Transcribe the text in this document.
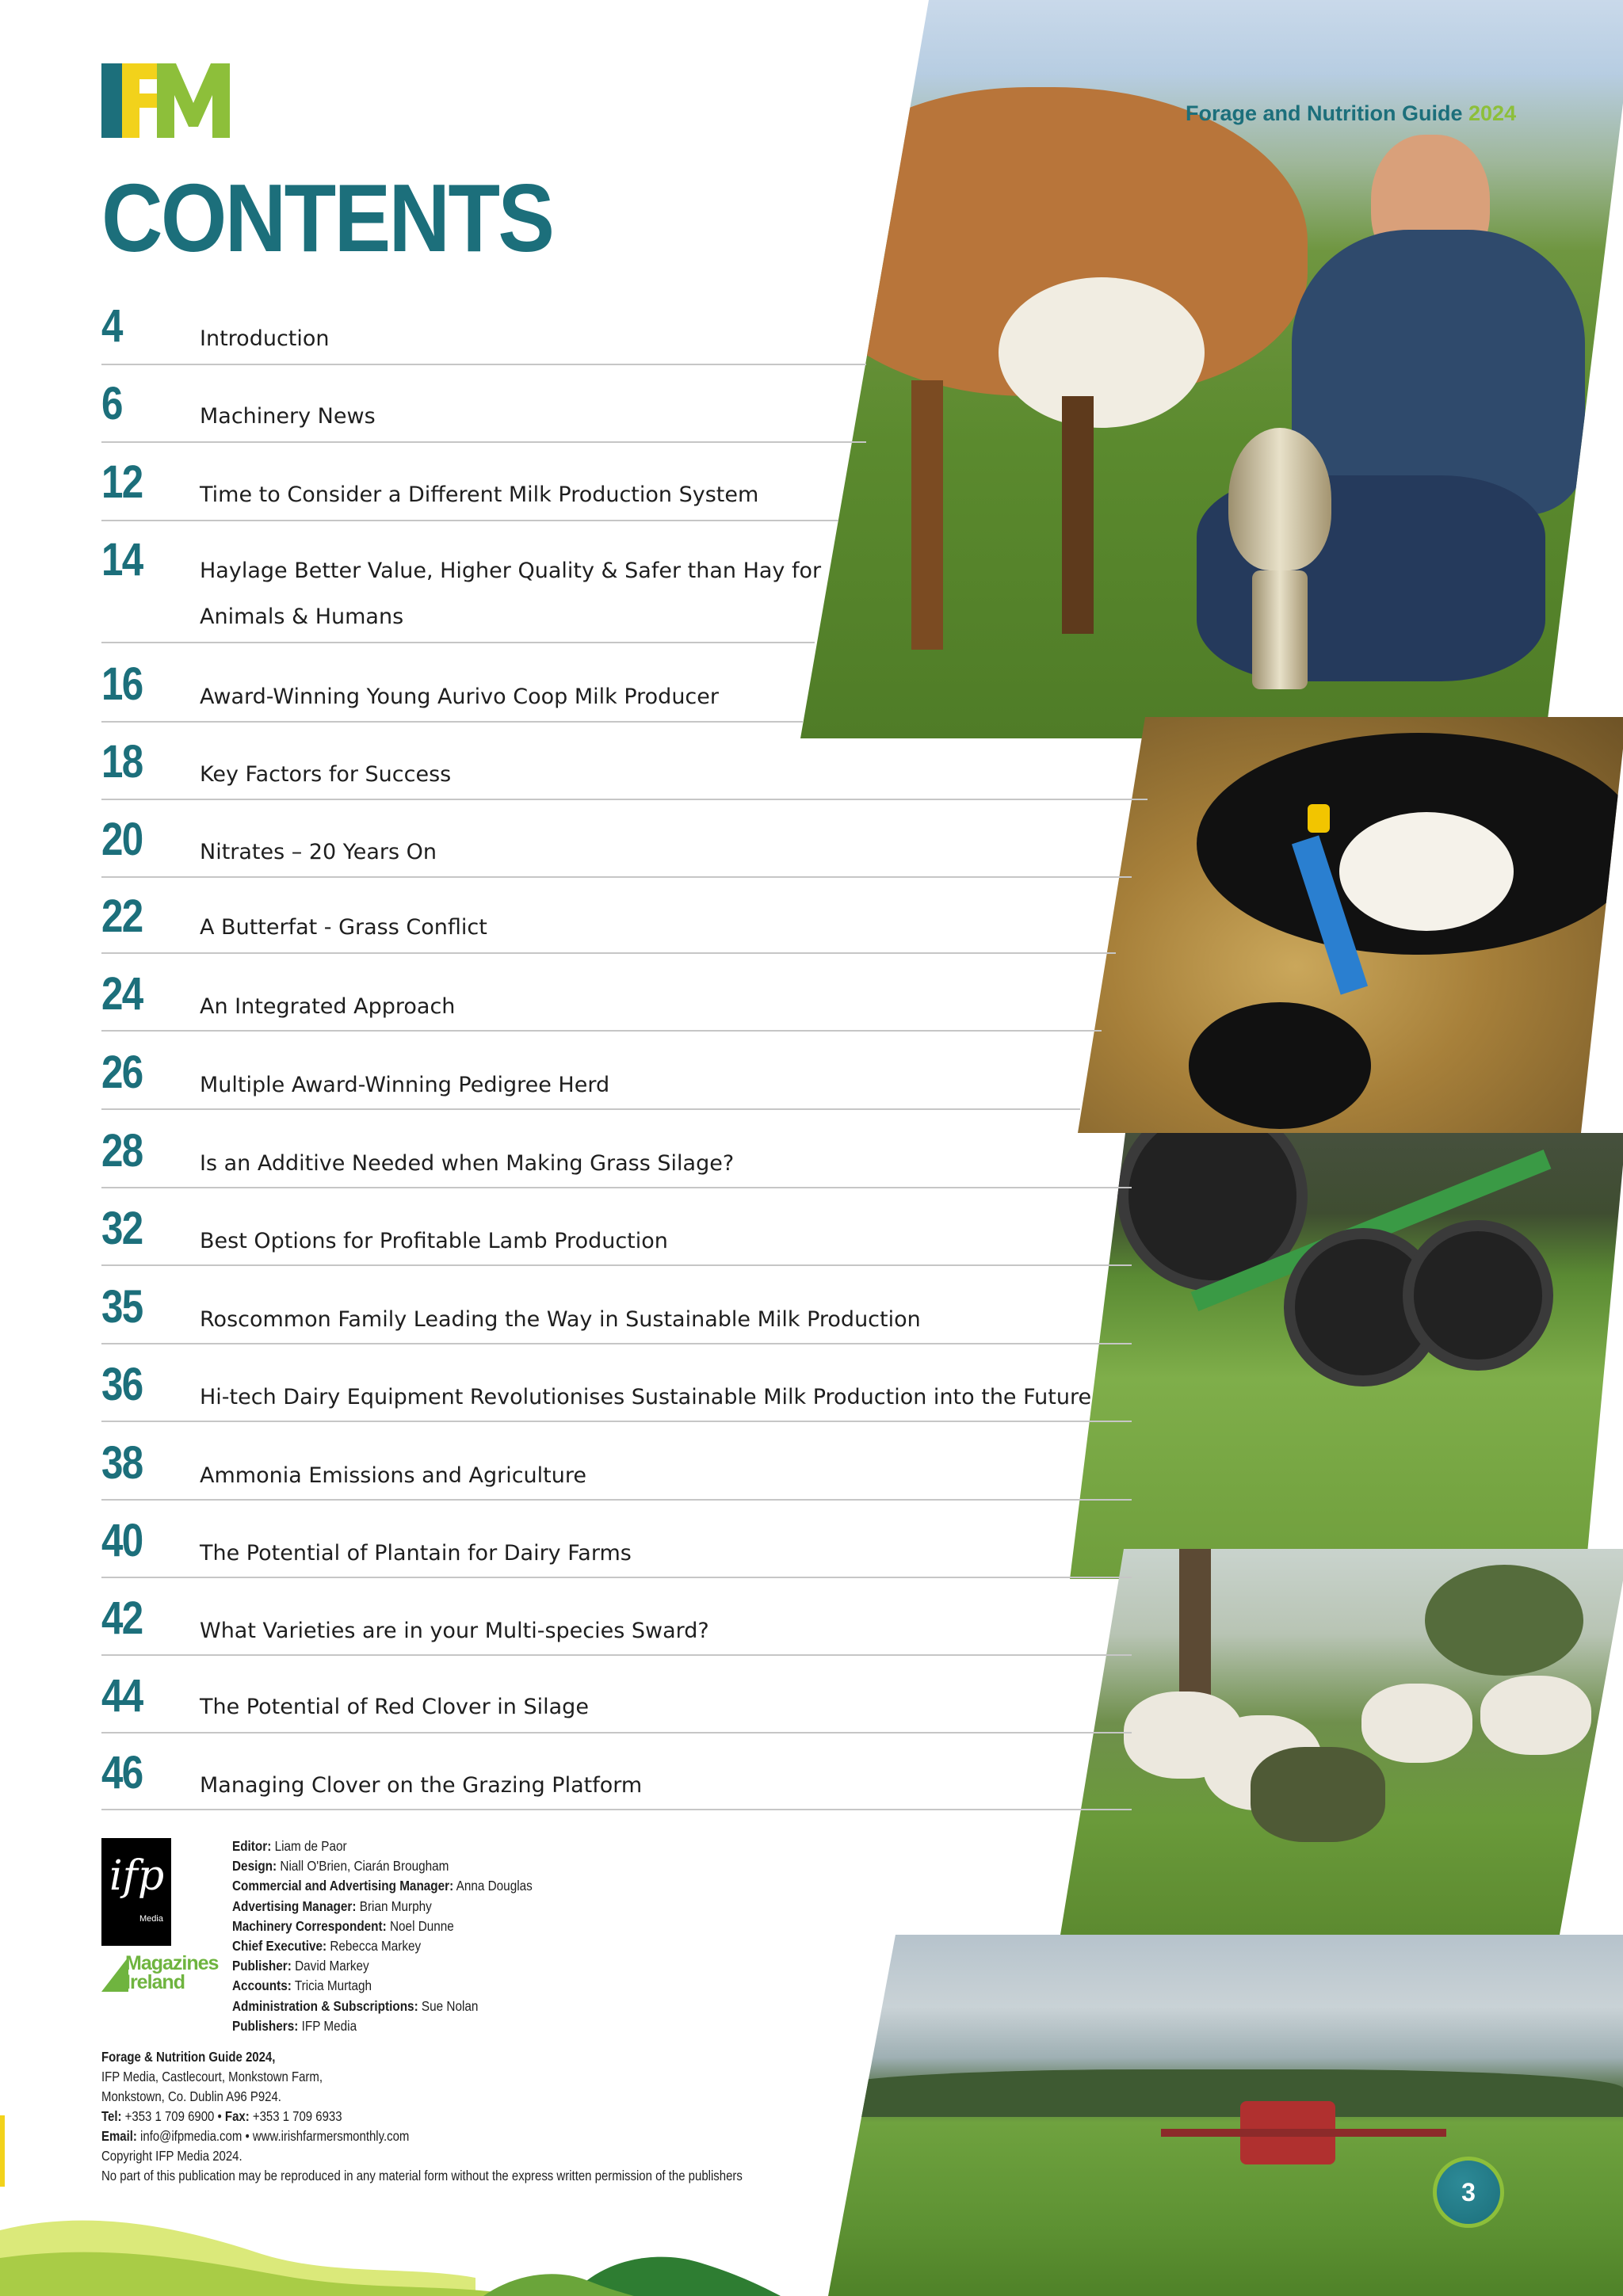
Forage and Nutrition Guide 2024
CONTENTS
4	Introduction
6	Machinery News
12	Time to Consider a Different Milk Production System
14	Haylage Better Value, Higher Quality & Safer than Hay for
Animals & Humans
16	Award-Winning Young Aurivo Coop Milk Producer
18	Key Factors for Success
20	Nitrates – 20 Years On
22	A Butterfat - Grass Conflict
24	An Integrated Approach
26	Multiple Award-Winning Pedigree Herd
28	Is an Additive Needed when Making Grass Silage?
32	Best Options for Profitable Lamb Production
35	Roscommon Family Leading the Way in Sustainable Milk Production
36	Hi-tech Dairy Equipment Revolutionises Sustainable Milk Production into the Future
38	Ammonia Emissions and Agriculture
40	The Potential of Plantain for Dairy Farms
42	What Varieties are in your Multi-species Sward?
44	The Potential of Red Clover in Silage
46	Managing Clover on the Grazing Platform
ifp
Media
Magazines
Ireland
Editor: Liam de Paor
Design: Niall O'Brien, Ciarán Brougham
Commercial and Advertising Manager: Anna Douglas
Advertising Manager: Brian Murphy
Machinery Correspondent: Noel Dunne
Chief Executive: Rebecca Markey
Publisher: David Markey
Accounts: Tricia Murtagh
Administration & Subscriptions: Sue Nolan
Publishers: IFP Media
Forage & Nutrition Guide 2024,
IFP Media, Castlecourt, Monkstown Farm,
Monkstown, Co. Dublin A96 P924.
Tel: +353 1 709 6900 • Fax: +353 1 709 6933
Email: info@ifpmedia.com • www.irishfarmersmonthly.com
Copyright IFP Media 2024.
No part of this publication may be reproduced in any material form without the express written permission of the publishers
3
